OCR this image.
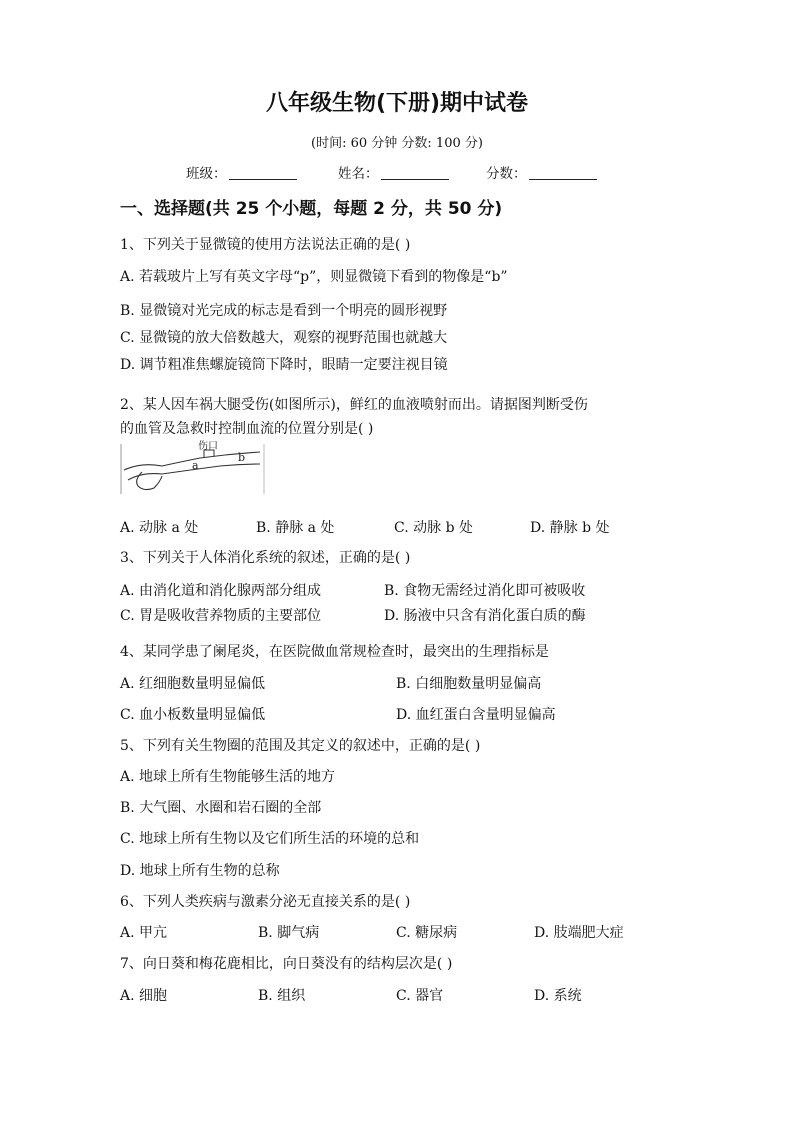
八年级生物(下册)期中试卷
(时间: 60 分钟 分数: 100 分)
班级：	姓名：	分数：
一、选择题(共 25 个小题，每题 2 分，共 50 分)
1、下列关于显微镜的使用方法说法正确的是( )
A. 若载玻片上写有英文字母“p”，则显微镜下看到的物像是“b”
B. 显微镜对光完成的标志是看到一个明亮的圆形视野
C. 显微镜的放大倍数越大，观察的视野范围也就越大
D. 调节粗准焦螺旋镜筒下降时，眼睛一定要注视目镜
2、某人因车祸大腿受伤(如图所示)，鲜红的血液喷射而出。请据图判断受伤
的血管及急救时控制血流的位置分别是( )
伤口
a
b
A. 动脉 a 处	B. 静脉 a 处	C. 动脉 b 处	D. 静脉 b 处
3、下列关于人体消化系统的叙述，正确的是( )
A. 由消化道和消化腺两部分组成	B. 食物无需经过消化即可被吸收
C. 胃是吸收营养物质的主要部位	D. 肠液中只含有消化蛋白质的酶
4、某同学患了阑尾炎，在医院做血常规检查时，最突出的生理指标是
A. 红细胞数量明显偏低	B. 白细胞数量明显偏高
C. 血小板数量明显偏低	D. 血红蛋白含量明显偏高
5、下列有关生物圈的范围及其定义的叙述中，正确的是( )
A. 地球上所有生物能够生活的地方
B. 大气圈、水圈和岩石圈的全部
C. 地球上所有生物以及它们所生活的环境的总和
D. 地球上所有生物的总称
6、下列人类疾病与激素分泌无直接关系的是( )
A. 甲亢	B. 脚气病	C. 糖尿病	D. 肢端肥大症
7、向日葵和梅花鹿相比，向日葵没有的结构层次是( )
A. 细胞	B. 组织	C. 器官	D. 系统
